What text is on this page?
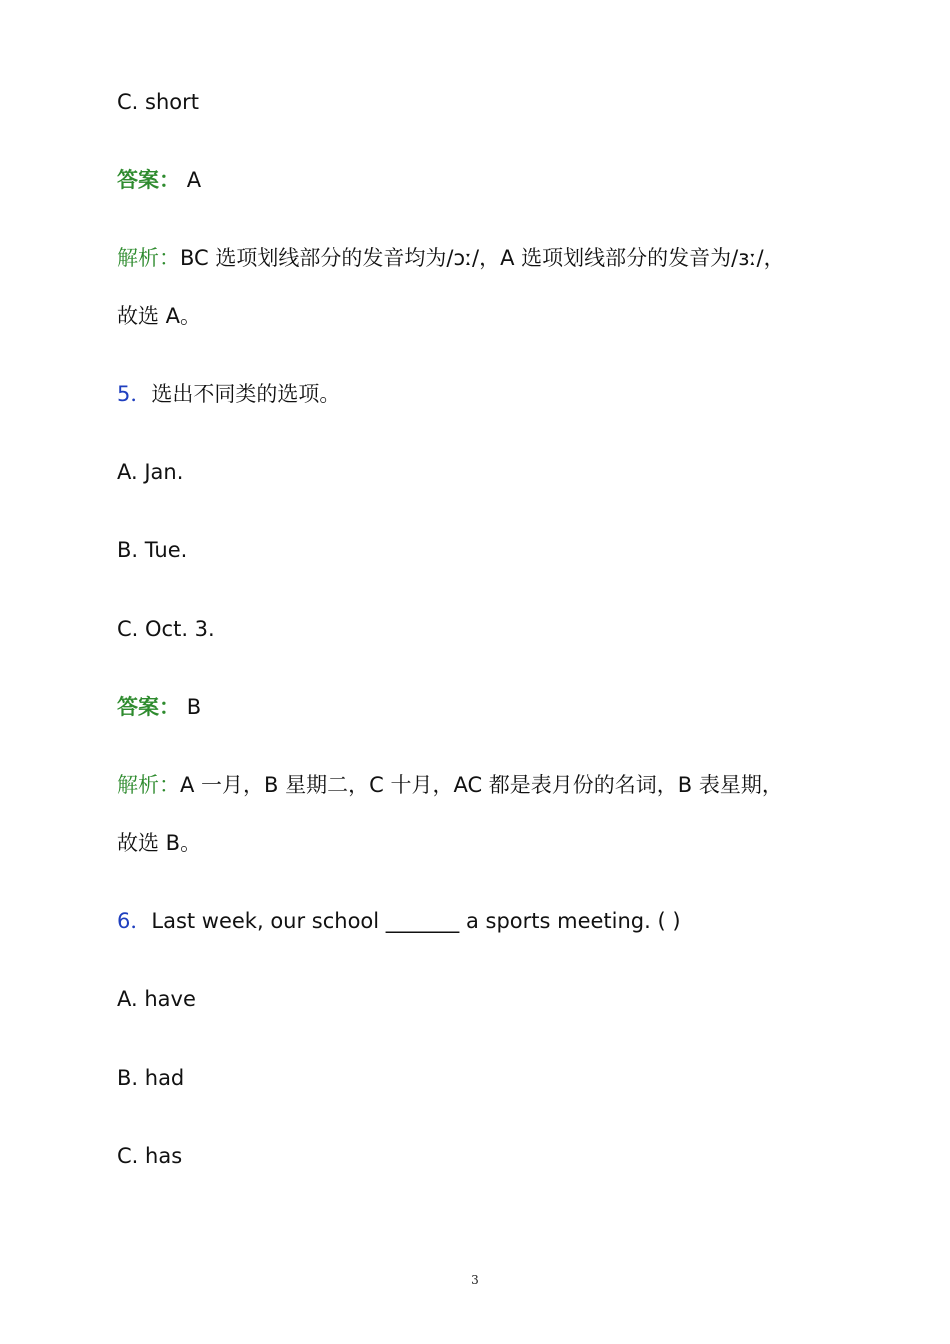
C. short
答案： A
解析：BC 选项划线部分的发音均为/ɔː/，A 选项划线部分的发音为/ɜː/，
故选 A。
5．选出不同类的选项。
A. Jan.
B. Tue.
C. Oct. 3.
答案： B
解析：A 一月，B 星期二，C 十月，AC 都是表月份的名词，B 表星期，
故选 B。
6．Last week, our school _______ a sports meeting. ( )
A. have
B. had
C. has
3
